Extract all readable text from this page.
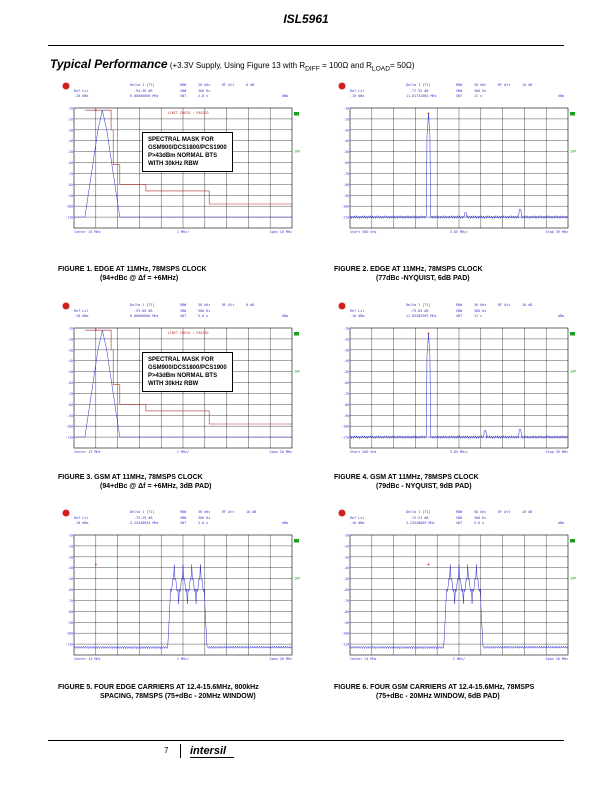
ISL5961
Typical Performance (+3.3V Supply, Using Figure 13 with $R_{DIFF} = 100\Omega$ and $R_{LOAD}= 50\Omega$)
Ref Lvl
-10 dBm
Delta 1 [T1]
-94.38 dB
6.00000000 MHz
RBW
VBW
SWT
30 kHz
300 Hz
2.8 s
RF Att	0 dB
dBm
-10
-20
-30
-40
-50
-60
-70
-80
-90
-100
-110
1AP
LIMIT CHECK : PASSED
Center 15 MHz	1 MHz/	Span 10 MHz
SPECTRAL MASK FOR
GSM900/DCS1800/PCS1900
P>43dBm NORMAL BTS
WITH 30kHz RBW
FIGURE 1. EDGE AT 11MHz, 78MSPS CLOCK
(94+dBc @ Δf = +6MHz)
Ref Lvl
-10 dBm
Delta 1 [T1]
-77.92 dB
11.81732064 MHz
RBW
VBW
SWT
30 kHz
300 Hz
11 s
RF Att	10 dB
dBm
-10
-20
-30
-40
-50
-60
-70
-80
-90
-100
-110
1AP
Start 500 kHz	3.85 MHz/	Stop 39 MHz
FIGURE 2. EDGE AT 11MHz, 78MSPS CLOCK
(77dBc -NYQUIST, 6dB PAD)
Ref Lvl
-10 dBm
Delta 1 [T1]
-93.86 dB
6.00000000 MHz
RBW
VBW
SWT
30 kHz
300 Hz
5.6 s
RF Att	0 dB
dBm
-10
-20
-30
-40
-50
-60
-70
-80
-90
-100
-110
1AP
LIMIT CHECK : PASSED
Center 15 MHz	1 MHz/	Span 10 MHz
SPECTRAL MASK FOR
GSM900/DCS1800/PCS1900
P>43dBm NORMAL BTS
WITH 30kHz RBW
FIGURE 3. GSM AT 11MHz, 78MSPS CLOCK
(94+dBc @ Δf = +6MHz, 3dB PAD)
Ref Lvl
-10 dBm
Delta 1 [T1]
-79.03 dB
11.85485963 MHz
RBW
VBW
SWT
30 kHz
300 Hz
11 s
RF Att	10 dB
dBm
-10
-20
-30
-40
-50
-60
-70
-80
-90
-100
-110
1AP
Start 500 kHz	3.85 MHz/	Stop 39 MHz
FIGURE 4. GSM AT 11MHz, 78MSPS CLOCK
(79dBc - NYQUIST, 9dB PAD)
Ref Lvl
-10 dBm
Delta 1 [T1]
-75.29 dB
3.23448094 MHz
RBW
VBW
SWT
30 kHz
300 Hz
5.6 s
RF Att	10 dB
dBm
-10
-20
-30
-40
-50
-60
-70
-80
-90
-100
-110
1AP
Center 14 MHz	2 MHz/	Span 20 MHz
FIGURE 5. FOUR EDGE CARRIERS AT 12.4-15.6MHz, 800kHz
SPACING, 78MSPS (75+dBc - 20MHz WINDOW)
Ref Lvl
-10 dBm
Delta 1 [T1]
-75.53 dB
3.23448089 MHz
RBW
VBW
SWT
30 kHz
300 Hz
5.6 s
RF Att	10 dB
dBm
-10
-20
-30
-40
-50
-60
-70
-80
-90
-100
-110
1AP
Center 14 MHz	2 MHz/	Span 20 MHz
FIGURE 6. FOUR GSM CARRIERS AT 12.4-15.6MHz, 78MSPS
(75+dBc - 20MHz WINDOW, 6dB PAD)
7 intersil
